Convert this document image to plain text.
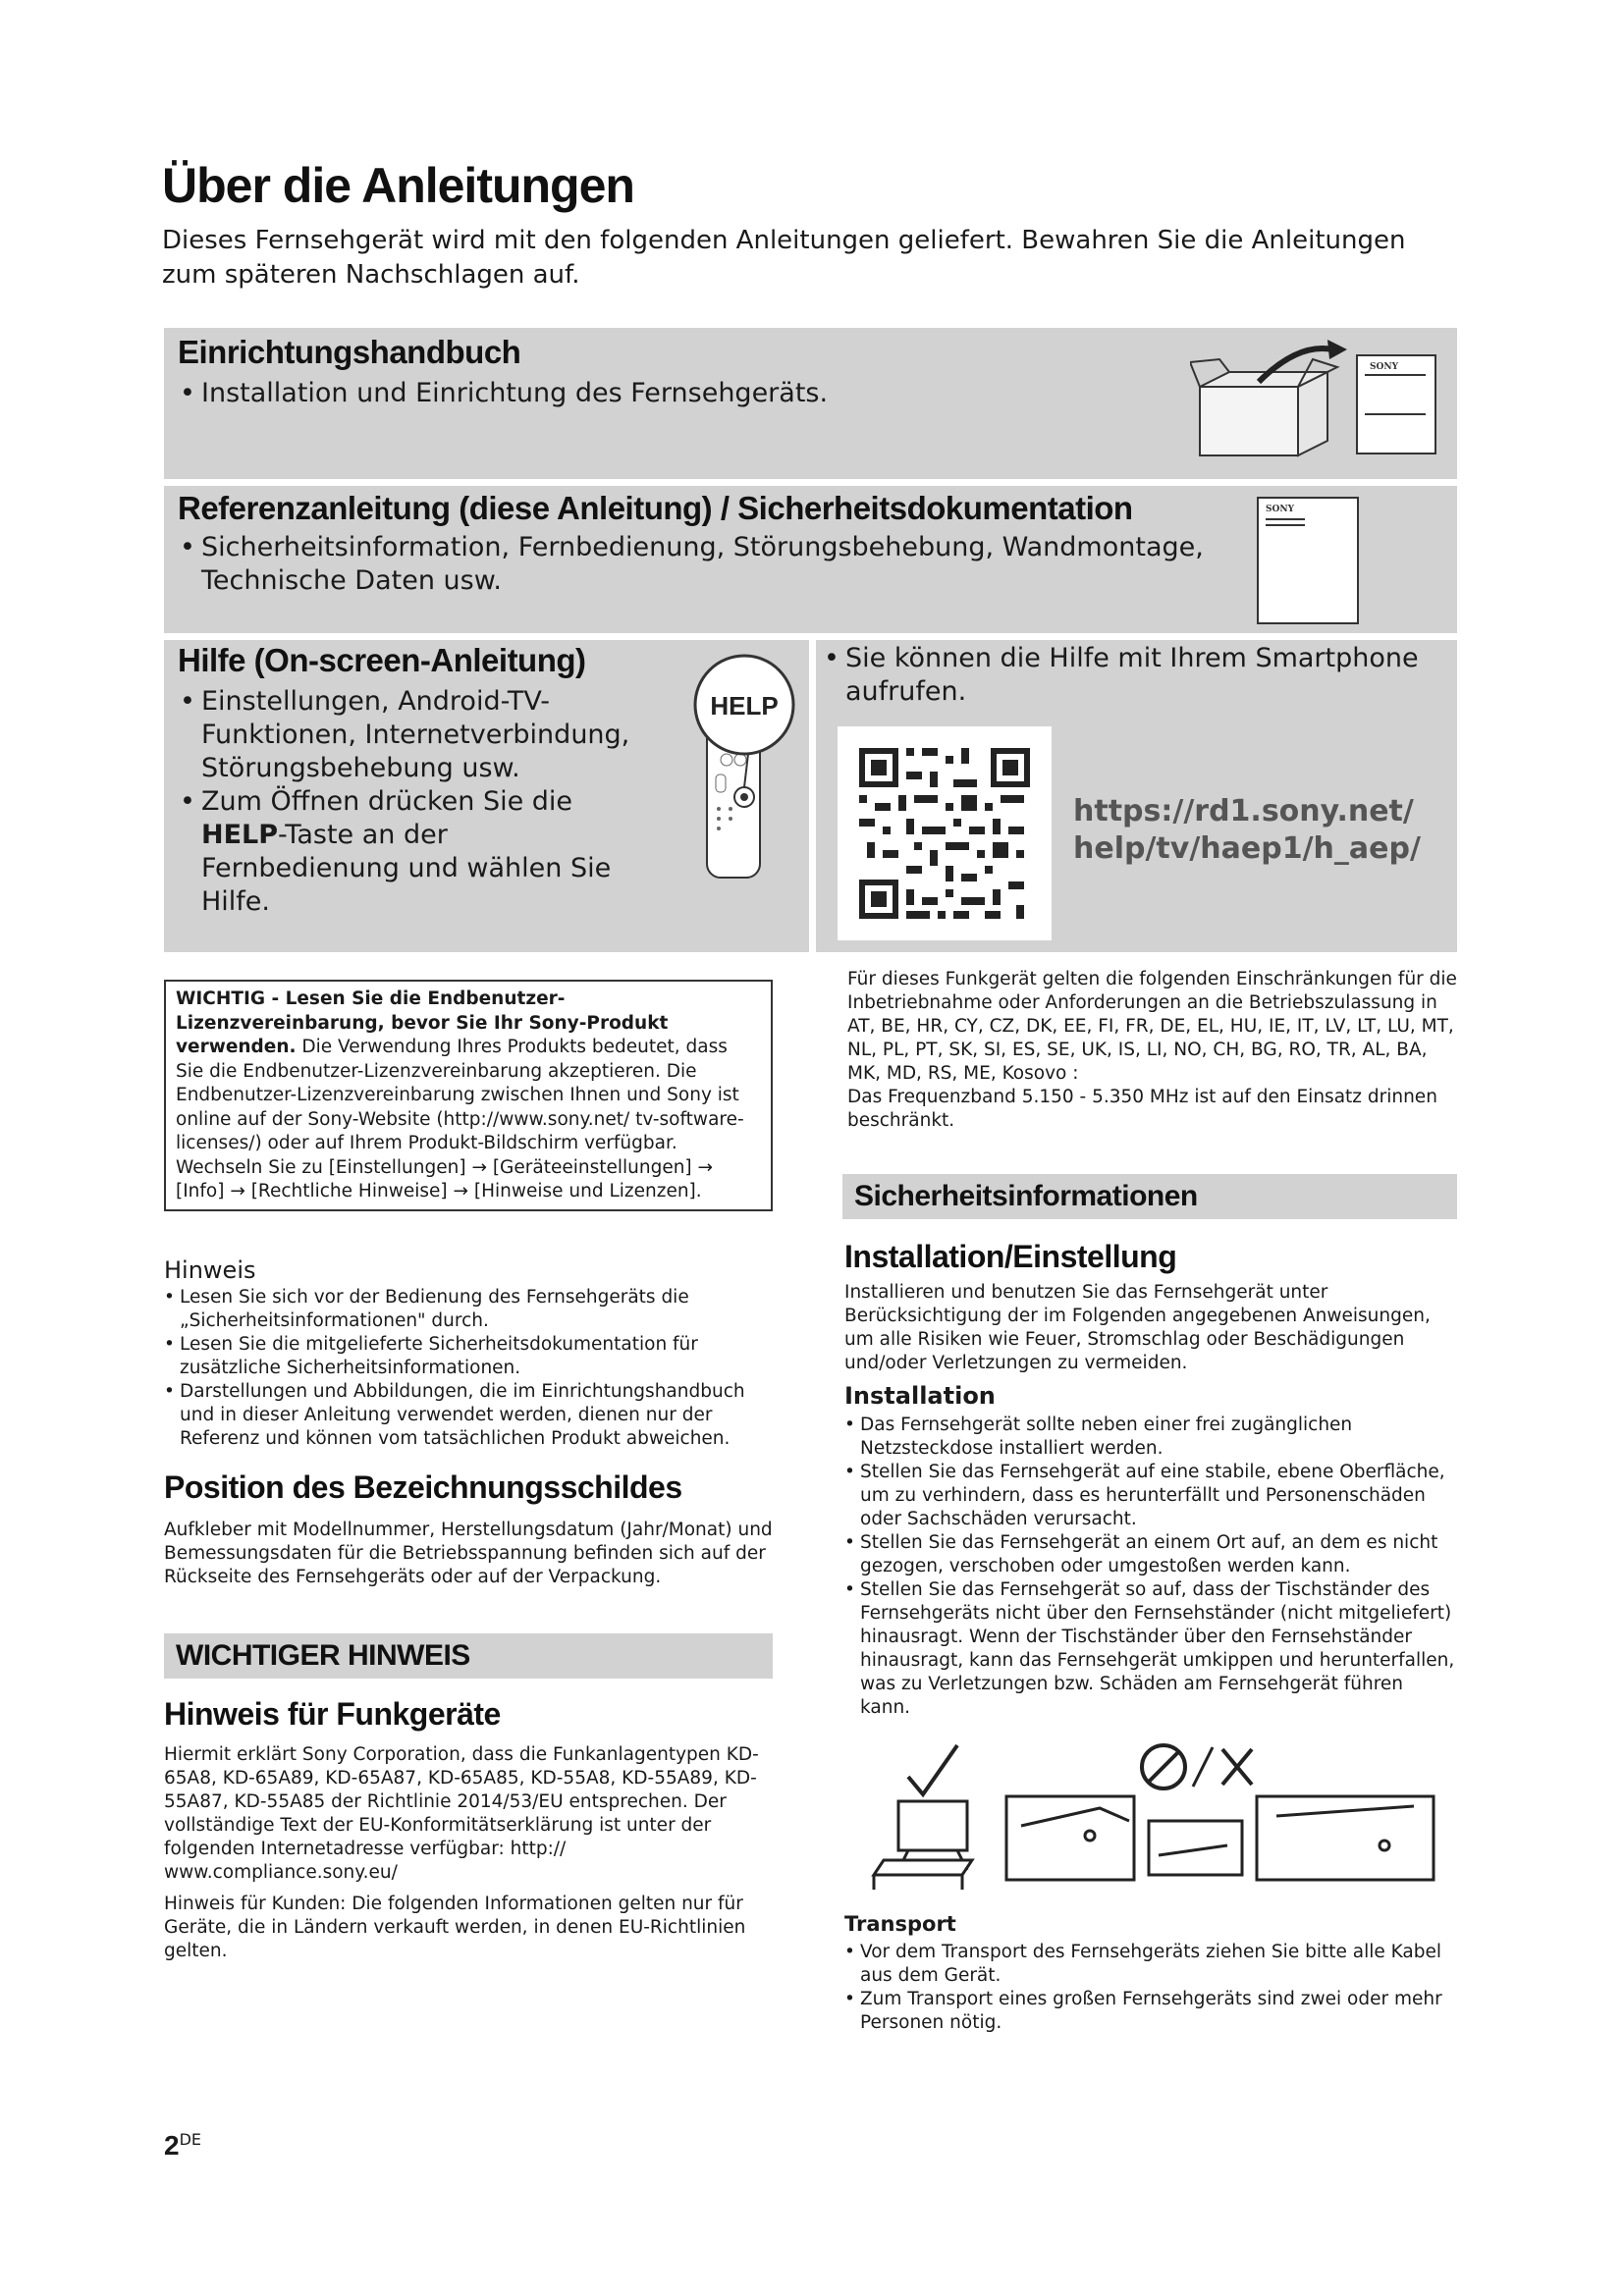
Über die Anleitungen

Dieses Fernsehgerät wird mit den folgenden Anleitungen geliefert. Bewahren Sie die Anleitungen zum späteren Nachschlagen auf.

Einrichtungshandbuch
• Installation und Einrichtung des Fernsehgeräts.
SONY
Referenzanleitung (diese Anleitung) / Sicherheitsdokumentation
• Sicherheitsinformation, Fernbedienung, Störungsbehebung, Wandmontage, Technische Daten usw.
SONY
Hilfe (On-screen-Anleitung)
• Einstellungen, Android-TV-Funktionen, Internetverbindung, Störungsbehebung usw.
• Zum Öffnen drücken Sie die HELP-Taste an der Fernbedienung und wählen Sie Hilfe.
HELP
• Sie können die Hilfe mit Ihrem Smartphone aufrufen.
https://rd1.sony.net/
help/tv/haep1/h_aep/
WICHTIG - Lesen Sie die Endbenutzer-Lizenzvereinbarung, bevor Sie Ihr Sony-Produkt verwenden. Die Verwendung Ihres Produkts bedeutet, dass Sie die Endbenutzer-Lizenzvereinbarung akzeptieren. Die Endbenutzer-Lizenzvereinbarung zwischen Ihnen und Sony ist online auf der Sony-Website (http://www.sony.net/ tv-software-licenses/) oder auf Ihrem Produkt-Bildschirm verfügbar. Wechseln Sie zu [Einstellungen] → [Geräteeinstellungen] → [Info] → [Rechtliche Hinweise] → [Hinweise und Lizenzen].

Für dieses Funkgerät gelten die folgenden Einschränkungen für die Inbetriebnahme oder Anforderungen an die Betriebszulassung in AT, BE, HR, CY, CZ, DK, EE, FI, FR, DE, EL, HU, IE, IT, LV, LT, LU, MT, NL, PL, PT, SK, SI, ES, SE, UK, IS, LI, NO, CH, BG, RO, TR, AL, BA, MK, MD, RS, ME, Kosovo :

Das Frequenzband 5.150 - 5.350 MHz ist auf den Einsatz drinnen beschränkt.

Hinweis
• Lesen Sie sich vor der Bedienung des Fernsehgeräts die „Sicherheitsinformationen" durch.
• Lesen Sie die mitgelieferte Sicherheitsdokumentation für zusätzliche Sicherheitsinformationen.
• Darstellungen und Abbildungen, die im Einrichtungshandbuch und in dieser Anleitung verwendet werden, dienen nur der Referenz und können vom tatsächlichen Produkt abweichen.
Position des Bezeichnungsschildes
Aufkleber mit Modellnummer, Herstellungsdatum (Jahr/Monat) und Bemessungsdaten für die Betriebsspannung befinden sich auf der Rückseite des Fernsehgeräts oder auf der Verpackung.
WICHTIGER HINWEIS
Hinweis für Funkgeräte

Hiermit erklärt Sony Corporation, dass die Funkanlagentypen KD-65A8, KD-65A89, KD-65A87, KD-65A85, KD-55A8, KD-55A89, KD-55A87, KD-55A85 der Richtlinie 2014/53/EU entsprechen. Der vollständige Text der EU-Konformitätserklärung ist unter der folgenden Internetadresse verfügbar: http:// www.compliance.sony.eu/

Hinweis für Kunden: Die folgenden Informationen gelten nur für Geräte, die in Ländern verkauft werden, in denen EU-Richtlinien gelten.

Sicherheitsinformationen
Installation/Einstellung
Installieren und benutzen Sie das Fernsehgerät unter Berücksichtigung der im Folgenden angegebenen Anweisungen, um alle Risiken wie Feuer, Stromschlag oder Beschädigungen und/oder Verletzungen zu vermeiden.
Installation
• Das Fernsehgerät sollte neben einer frei zugänglichen Netzsteckdose installiert werden.
• Stellen Sie das Fernsehgerät auf eine stabile, ebene Oberfläche, um zu verhindern, dass es herunterfällt und Personenschäden oder Sachschäden verursacht.
• Stellen Sie das Fernsehgerät an einem Ort auf, an dem es nicht gezogen, verschoben oder umgestoßen werden kann.
• Stellen Sie das Fernsehgerät so auf, dass der Tischständer des Fernsehgeräts nicht über den Fernsehständer (nicht mitgeliefert) hinausragt. Wenn der Tischständer über den Fernsehständer hinausragt, kann das Fernsehgerät umkippen und herunterfallen, was zu Verletzungen bzw. Schäden am Fernsehgerät führen kann.
Transport
• Vor dem Transport des Fernsehgeräts ziehen Sie bitte alle Kabel aus dem Gerät.
• Zum Transport eines großen Fernsehgeräts sind zwei oder mehr Personen nötig.
2DE
